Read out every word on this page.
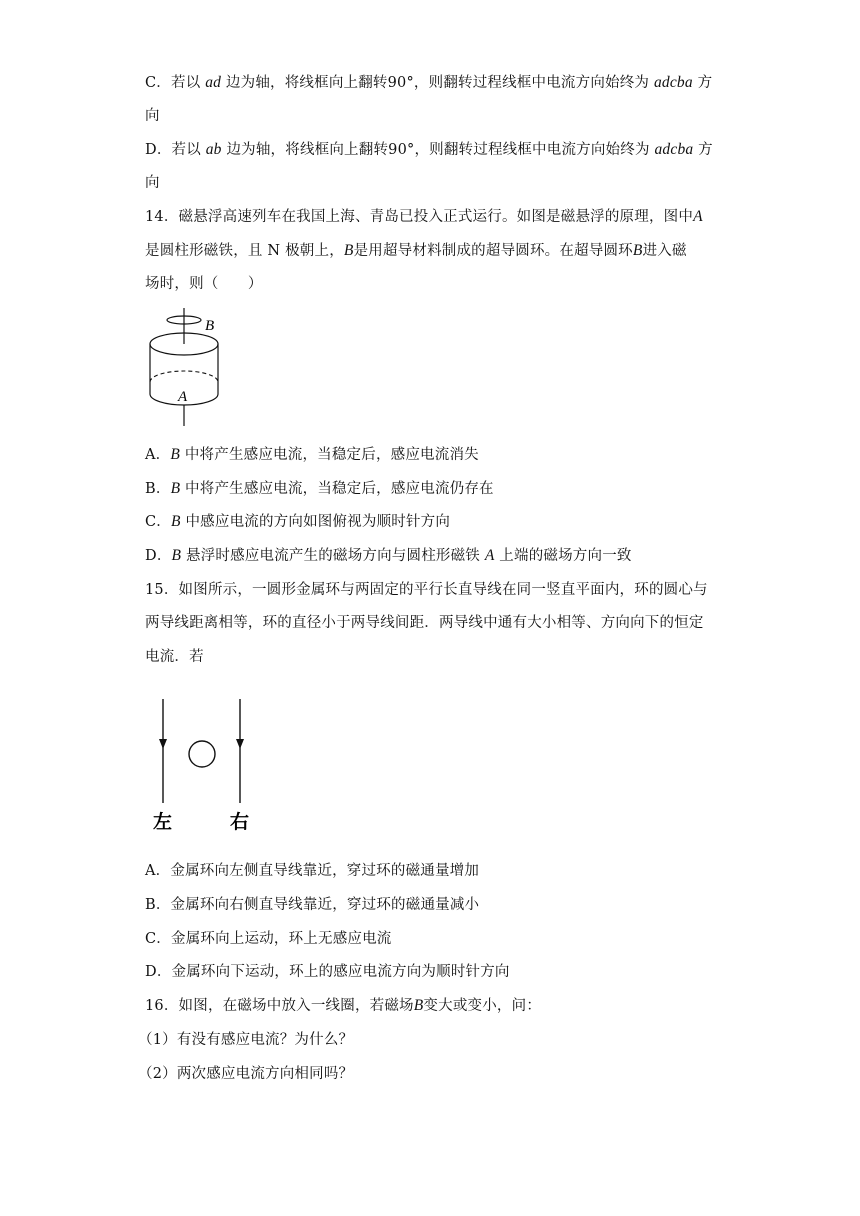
C．若以 ad 边为轴，将线框向上翻转90°，则翻转过程线框中电流方向始终为 adcba 方
向
D．若以 ab 边为轴，将线框向上翻转90°，则翻转过程线框中电流方向始终为 adcba 方
向
14．磁悬浮高速列车在我国上海、青岛已投入正式运行。如图是磁悬浮的原理，图中A
是圆柱形磁铁，且 N 极朝上，B是用超导材料制成的超导圆环。在超导圆环B进入磁
场时，则（　　）
B
A
A．B 中将产生感应电流，当稳定后，感应电流消失
B．B 中将产生感应电流，当稳定后，感应电流仍存在
C．B 中感应电流的方向如图俯视为顺时针方向
D．B 悬浮时感应电流产生的磁场方向与圆柱形磁铁 A 上端的磁场方向一致
15．如图所示，一圆形金属环与两固定的平行长直导线在同一竖直平面内，环的圆心与
两导线距离相等，环的直径小于两导线间距．两导线中通有大小相等、方向向下的恒定
电流．若
左	右
A．金属环向左侧直导线靠近，穿过环的磁通量增加
B．金属环向右侧直导线靠近，穿过环的磁通量减小
C．金属环向上运动，环上无感应电流
D．金属环向下运动，环上的感应电流方向为顺时针方向
16．如图，在磁场中放入一线圈，若磁场B变大或变小，问：
（1）有没有感应电流？为什么？
（2）两次感应电流方向相同吗？
